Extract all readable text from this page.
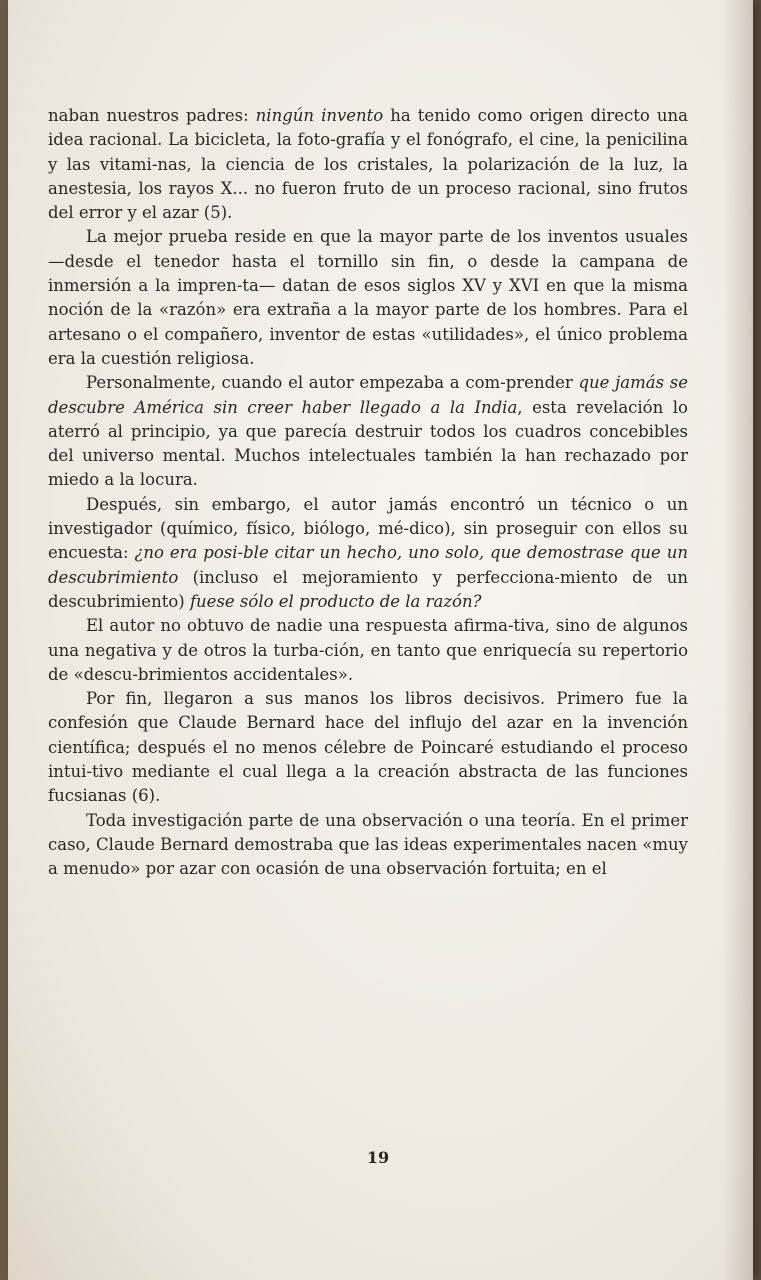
naban nuestros padres: ningún invento ha tenido como origen directo una idea racional. La bicicleta, la foto-grafía y el fonógrafo, el cine, la penicilina y las vitami-nas, la ciencia de los cristales, la polarización de la luz, la anestesia, los rayos X... no fueron fruto de un proceso racional, sino frutos del error y el azar (5).

La mejor prueba reside en que la mayor parte de los inventos usuales —desde el tenedor hasta el tornillo sin fin, o desde la campana de inmersión a la impren-ta— datan de esos siglos XV y XVI en que la misma noción de la «razón» era extraña a la mayor parte de los hombres. Para el artesano o el compañero, inventor de estas «utilidades», el único problema era la cuestión religiosa.

Personalmente, cuando el autor empezaba a com-prender que jamás se descubre América sin creer haber llegado a la India, esta revelación lo aterró al principio, ya que parecía destruir todos los cuadros concebibles del universo mental. Muchos intelectuales también la han rechazado por miedo a la locura.

Después, sin embargo, el autor jamás encontró un técnico o un investigador (químico, físico, biólogo, mé-dico), sin proseguir con ellos su encuesta: ¿no era posi-ble citar un hecho, uno solo, que demostrase que un descubrimiento (incluso el mejoramiento y perfecciona-miento de un descubrimiento) fuese sólo el producto de la razón?

El autor no obtuvo de nadie una respuesta afirma-tiva, sino de algunos una negativa y de otros la turba-ción, en tanto que enriquecía su repertorio de «descu-brimientos accidentales».

Por fin, llegaron a sus manos los libros decisivos. Primero fue la confesión que Claude Bernard hace del influjo del azar en la invención científica; después el no menos célebre de Poincaré estudiando el proceso intui-tivo mediante el cual llega a la creación abstracta de las funciones fucsianas (6).

Toda investigación parte de una observación o una teoría. En el primer caso, Claude Bernard demostraba que las ideas experimentales nacen «muy a menudo» por azar con ocasión de una observación fortuita; en el

19
